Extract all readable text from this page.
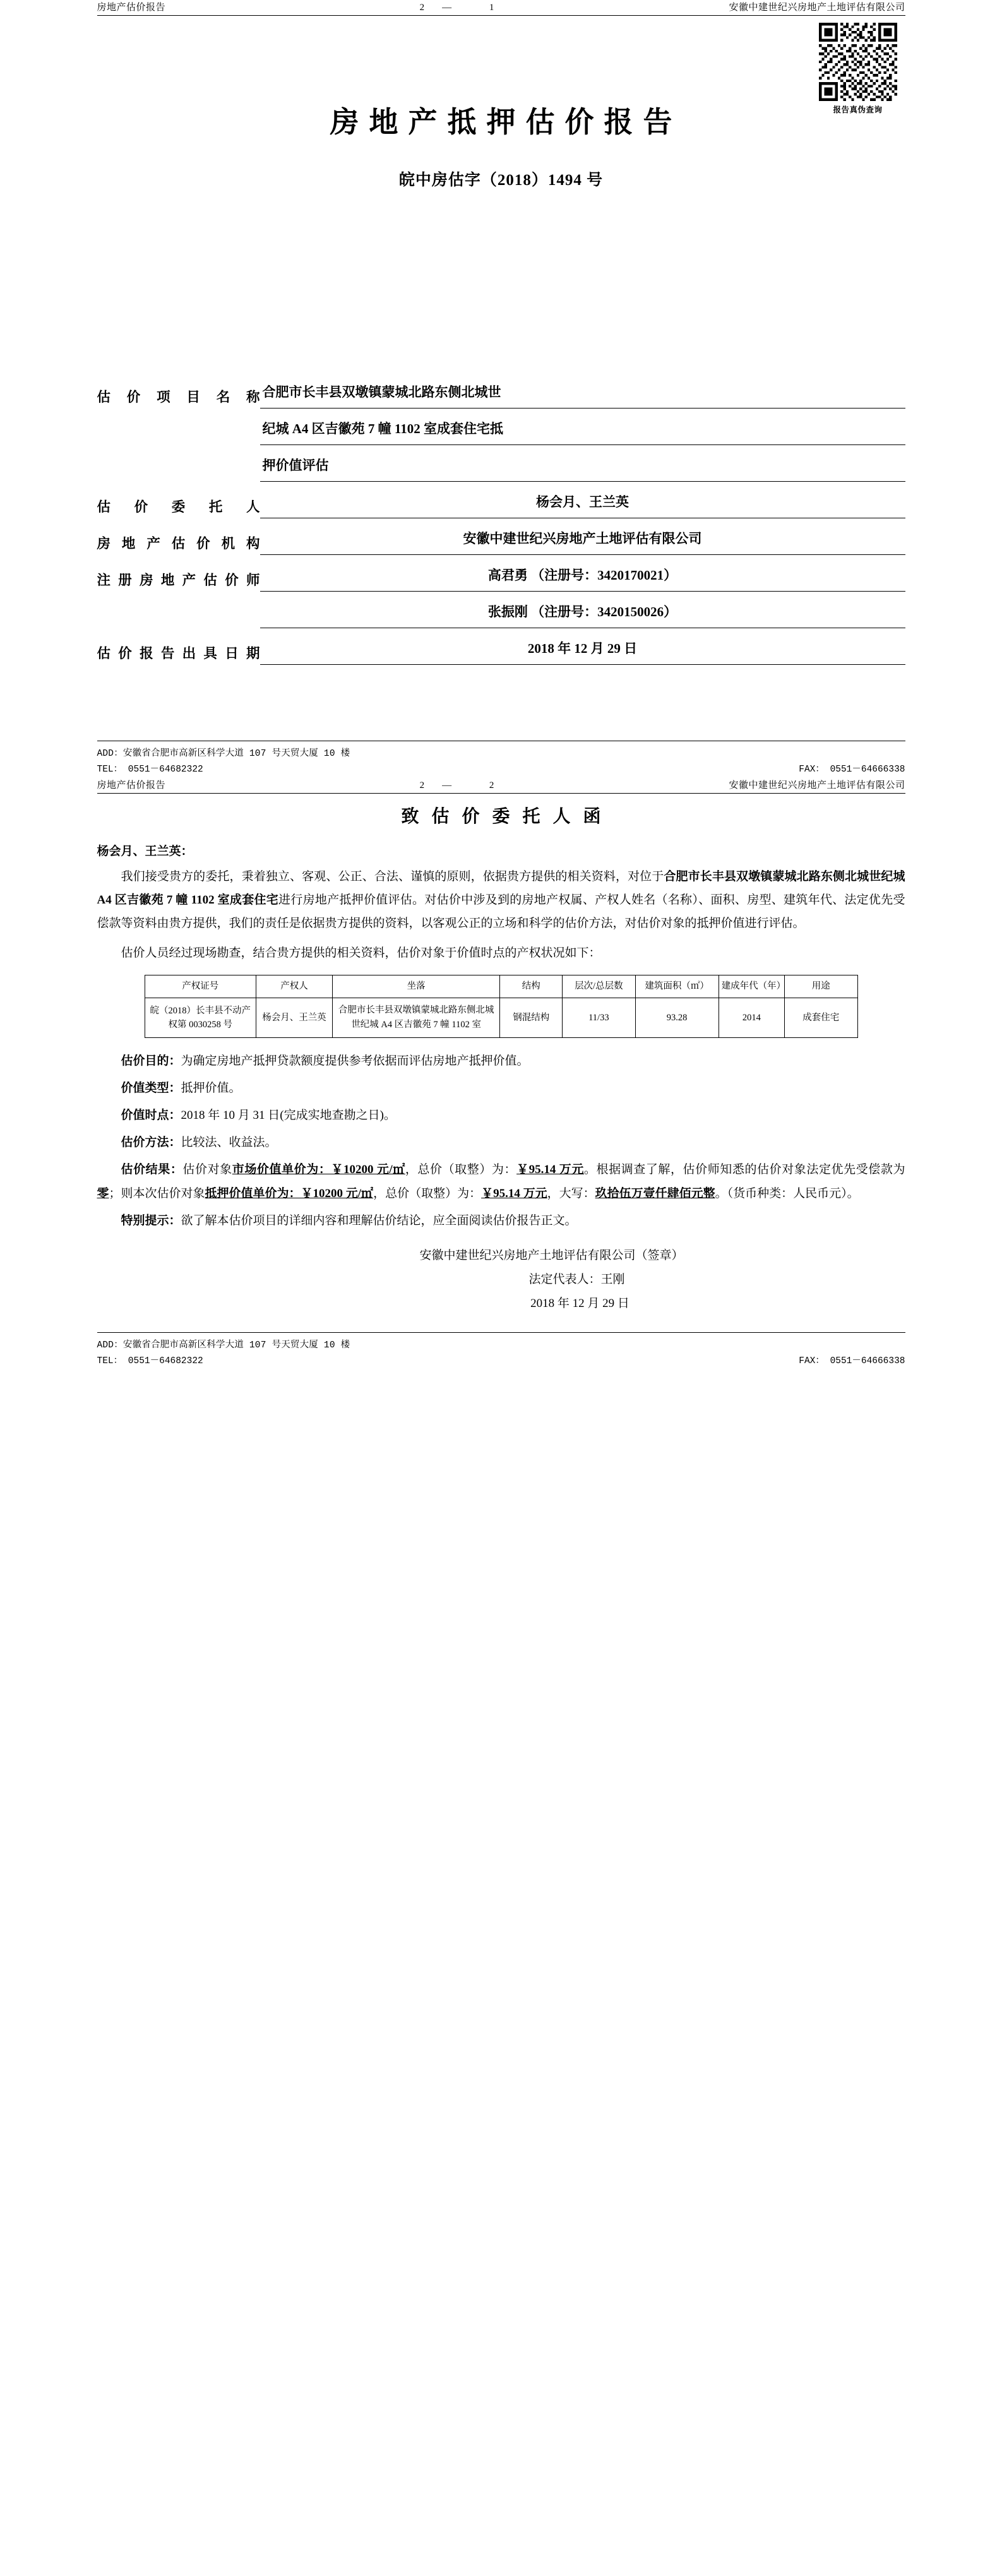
房地产估价报告	2— 1	安徽中建世纪兴房地产土地评估有限公司
报告真伪查询
房地产抵押估价报告
皖中房估字（2018）1494 号
估价项目名称 合肥市长丰县双墩镇蒙城北路东侧北城世
纪城 A4 区吉徽苑 7 幢 1102 室成套住宅抵
押价值评估
估价委托人	杨会月、王兰英
房地产估价机构	安徽中建世纪兴房地产土地评估有限公司
注册房地产估价师	高君勇 （注册号：3420170021）
张振刚 （注册号：3420150026）
估价报告出具日期	2018 年 12 月 29 日
ADD：安徽省合肥市高新区科学大道 107 号天贸大厦 10 楼
TEL： 0551－64682322	FAX： 0551－64666338
房地产估价报告	2— 2	安徽中建世纪兴房地产土地评估有限公司
致估价委托人函
杨会月、王兰英：

我们接受贵方的委托，秉着独立、客观、公正、合法、谨慎的原则，依据贵方提供的相关资料，对位于合肥市长丰县双墩镇蒙城北路东侧北城世纪城 A4 区吉徽苑 7 幢 1102 室成套住宅进行房地产抵押价值评估。对估价中涉及到的房地产权属、产权人姓名（名称）、面积、房型、建筑年代、法定优先受偿款等资料由贵方提供，我们的责任是依据贵方提供的资料，以客观公正的立场和科学的估价方法，对估价对象的抵押价值进行评估。

估价人员经过现场勘查，结合贵方提供的相关资料，估价对象于价值时点的产权状况如下：

产权证号	产权人	坐落	结构	层次/总层数	建筑面积（㎡）	建成年代（年）	用途
皖（2018）长丰县不动产权第 0030258 号	杨会月、王兰英	合肥市长丰县双墩镇蒙城北路东侧北城世纪城 A4 区吉徽苑 7 幢 1102 室	钢混结构	11/33	93.28	2014	成套住宅

估价目的：为确定房地产抵押贷款额度提供参考依据而评估房地产抵押价值。

价值类型：抵押价值。

价值时点：2018 年 10 月 31 日(完成实地查勘之日)。

估价方法：比较法、收益法。

估价结果：估价对象市场价值单价为：￥10200 元/㎡，总价（取整）为：￥95.14 万元。根据调查了解，估价师知悉的估价对象法定优先受偿款为零；则本次估价对象抵押价值单价为：￥10200 元/㎡，总价（取整）为：￥95.14 万元，大写：玖拾伍万壹仟肆佰元整。（货币种类：人民币元）。

特别提示：欲了解本估价项目的详细内容和理解估价结论，应全面阅读估价报告正文。

安徽中建世纪兴房地产土地评估有限公司（签章）
法定代表人：王刚
2018 年 12 月 29 日
ADD：安徽省合肥市高新区科学大道 107 号天贸大厦 10 楼
TEL： 0551－64682322	FAX： 0551－64666338
